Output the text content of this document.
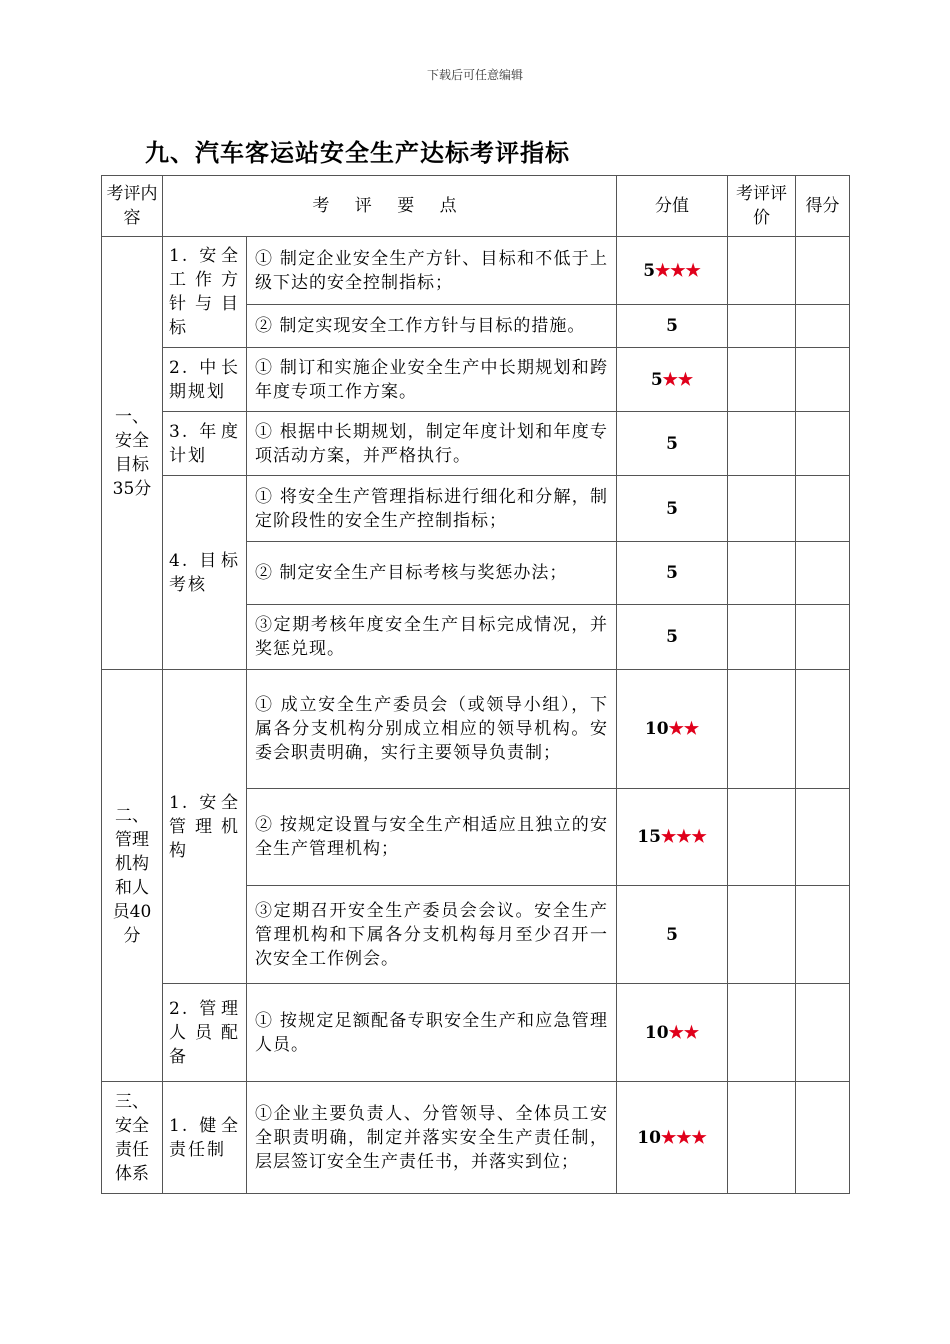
下载后可任意编辑
九、汽车客运站安全生产达标考评指标
考评内容	考 评 要 点		分值	考评评价	得分
一、安全目标35分	1. 安全工作方针与目标	① 制定企业安全生产方针、目标和不低于上级下达的安全控制指标；	5★★★		
		② 制定实现安全工作方针与目标的措施。	5		
	2. 中长期规划	① 制订和实施企业安全生产中长期规划和跨年度专项工作方案。	5★★		
	3. 年度计划	① 根据中长期规划，制定年度计划和年度专项活动方案，并严格执行。	5		
	4. 目标考核	① 将安全生产管理指标进行细化和分解，制定阶段性的安全生产控制指标；	5		
		② 制定安全生产目标考核与奖惩办法；	5		
		③定期考核年度安全生产目标完成情况，并奖惩兑现。	5		
二、管理机构和人员40分	1. 安全管理机构	① 成立安全生产委员会（或领导小组），下属各分支机构分别成立相应的领导机构。安委会职责明确，实行主要领导负责制；	10★★		
		② 按规定设置与安全生产相适应且独立的安全生产管理机构；	15★★★		
		③定期召开安全生产委员会会议。安全生产管理机构和下属各分支机构每月至少召开一次安全工作例会。	5		
	2. 管理人员配备	① 按规定足额配备专职安全生产和应急管理人员。	10★★		
三、安全责任体系	1. 健全责任制	①企业主要负责人、分管领导、全体员工安全职责明确，制定并落实安全生产责任制，层层签订安全生产责任书，并落实到位；	10★★★		
